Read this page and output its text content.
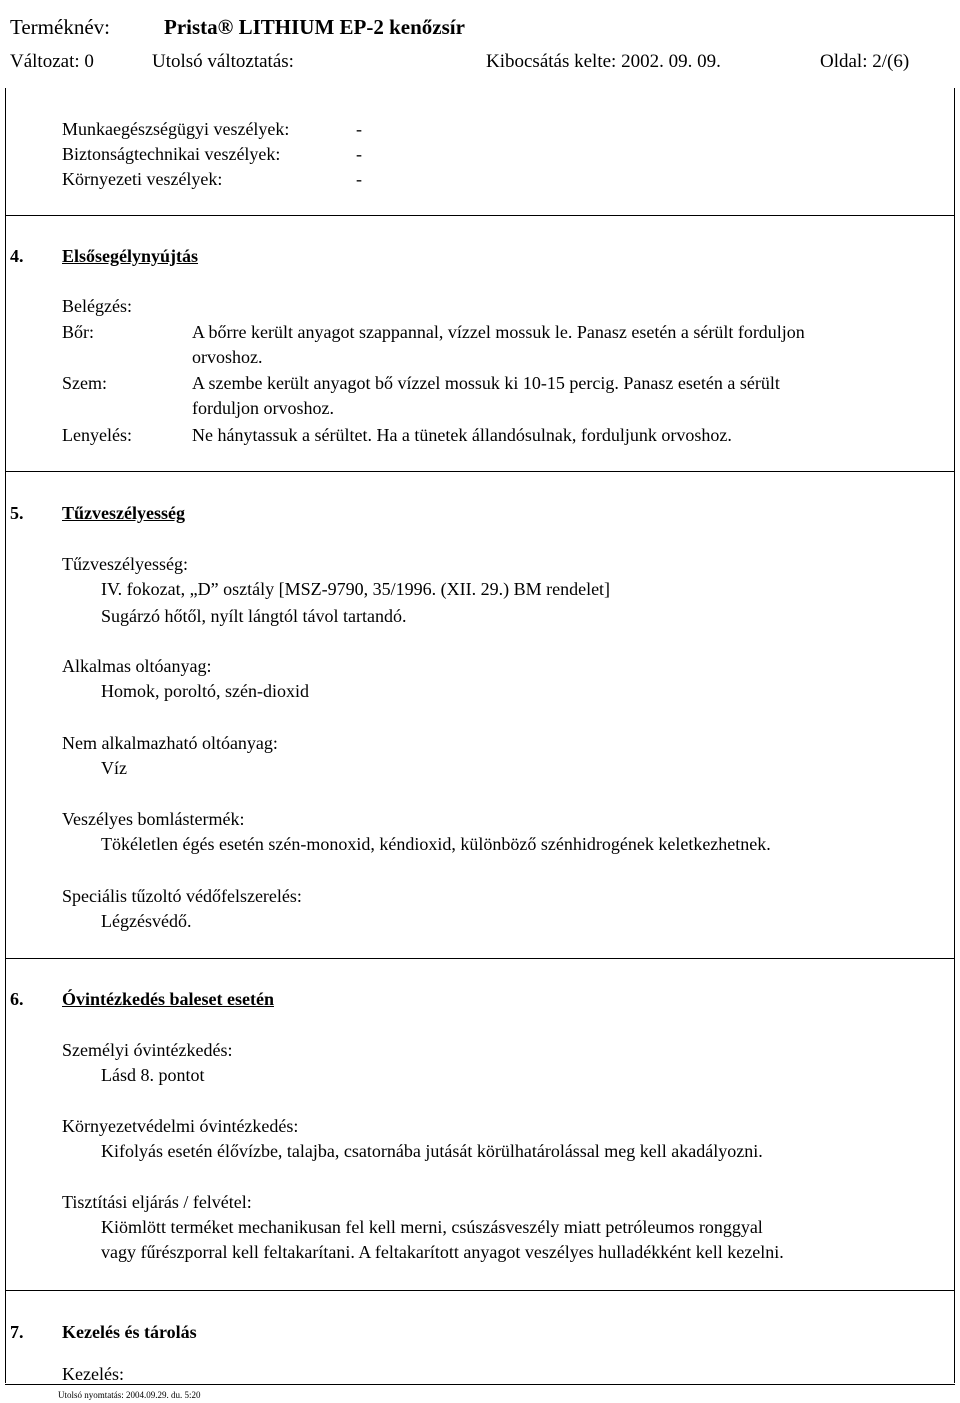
Terméknév:	Prista® LITHIUM EP-2 kenőzsír
Változat: 0	Utolsó változtatás:	Kibocsátás kelte: 2002. 09. 09.	Oldal: 2/(6)
Munkaegészségügyi veszélyek:	-
Biztonságtechnikai veszélyek:	-
Környezeti veszélyek:	-
4. Elsősegélynyújtás
Belégzés:
Bőr:	A bőrre került anyagot szappannal, vízzel mossuk le. Panasz esetén a sérült forduljon
orvoshoz.
Szem:	A szembe került anyagot bő vízzel mossuk ki 10-15 percig. Panasz esetén a sérült
forduljon orvoshoz.
Lenyelés:	Ne hánytassuk a sérültet. Ha a tünetek állandósulnak, forduljunk orvoshoz.
5. Tűzveszélyesség
Tűzveszélyesség:
IV. fokozat, „D” osztály [MSZ-9790, 35/1996. (XII. 29.) BM rendelet]
Sugárzó hőtől, nyílt lángtól távol tartandó.
Alkalmas oltóanyag:
Homok, poroltó, szén-dioxid
Nem alkalmazható oltóanyag:
Víz
Veszélyes bomlástermék:
Tökéletlen égés esetén szén-monoxid, kéndioxid, különböző szénhidrogének keletkezhetnek.
Speciális tűzoltó védőfelszerelés:
Légzésvédő.
6. Óvintézkedés baleset esetén
Személyi óvintézkedés:
Lásd 8. pontot
Környezetvédelmi óvintézkedés:
Kifolyás esetén élővízbe, talajba, csatornába jutását körülhatárolással meg kell akadályozni.
Tisztítási eljárás / felvétel:
Kiömlött terméket mechanikusan fel kell merni, csúszásveszély miatt petróleumos ronggyal
vagy fűrészporral kell feltakarítani. A feltakarított anyagot veszélyes hulladékként kell kezelni.
7. Kezelés és tárolás
Kezelés:
Utolsó nyomtatás: 2004.09.29. du. 5:20
